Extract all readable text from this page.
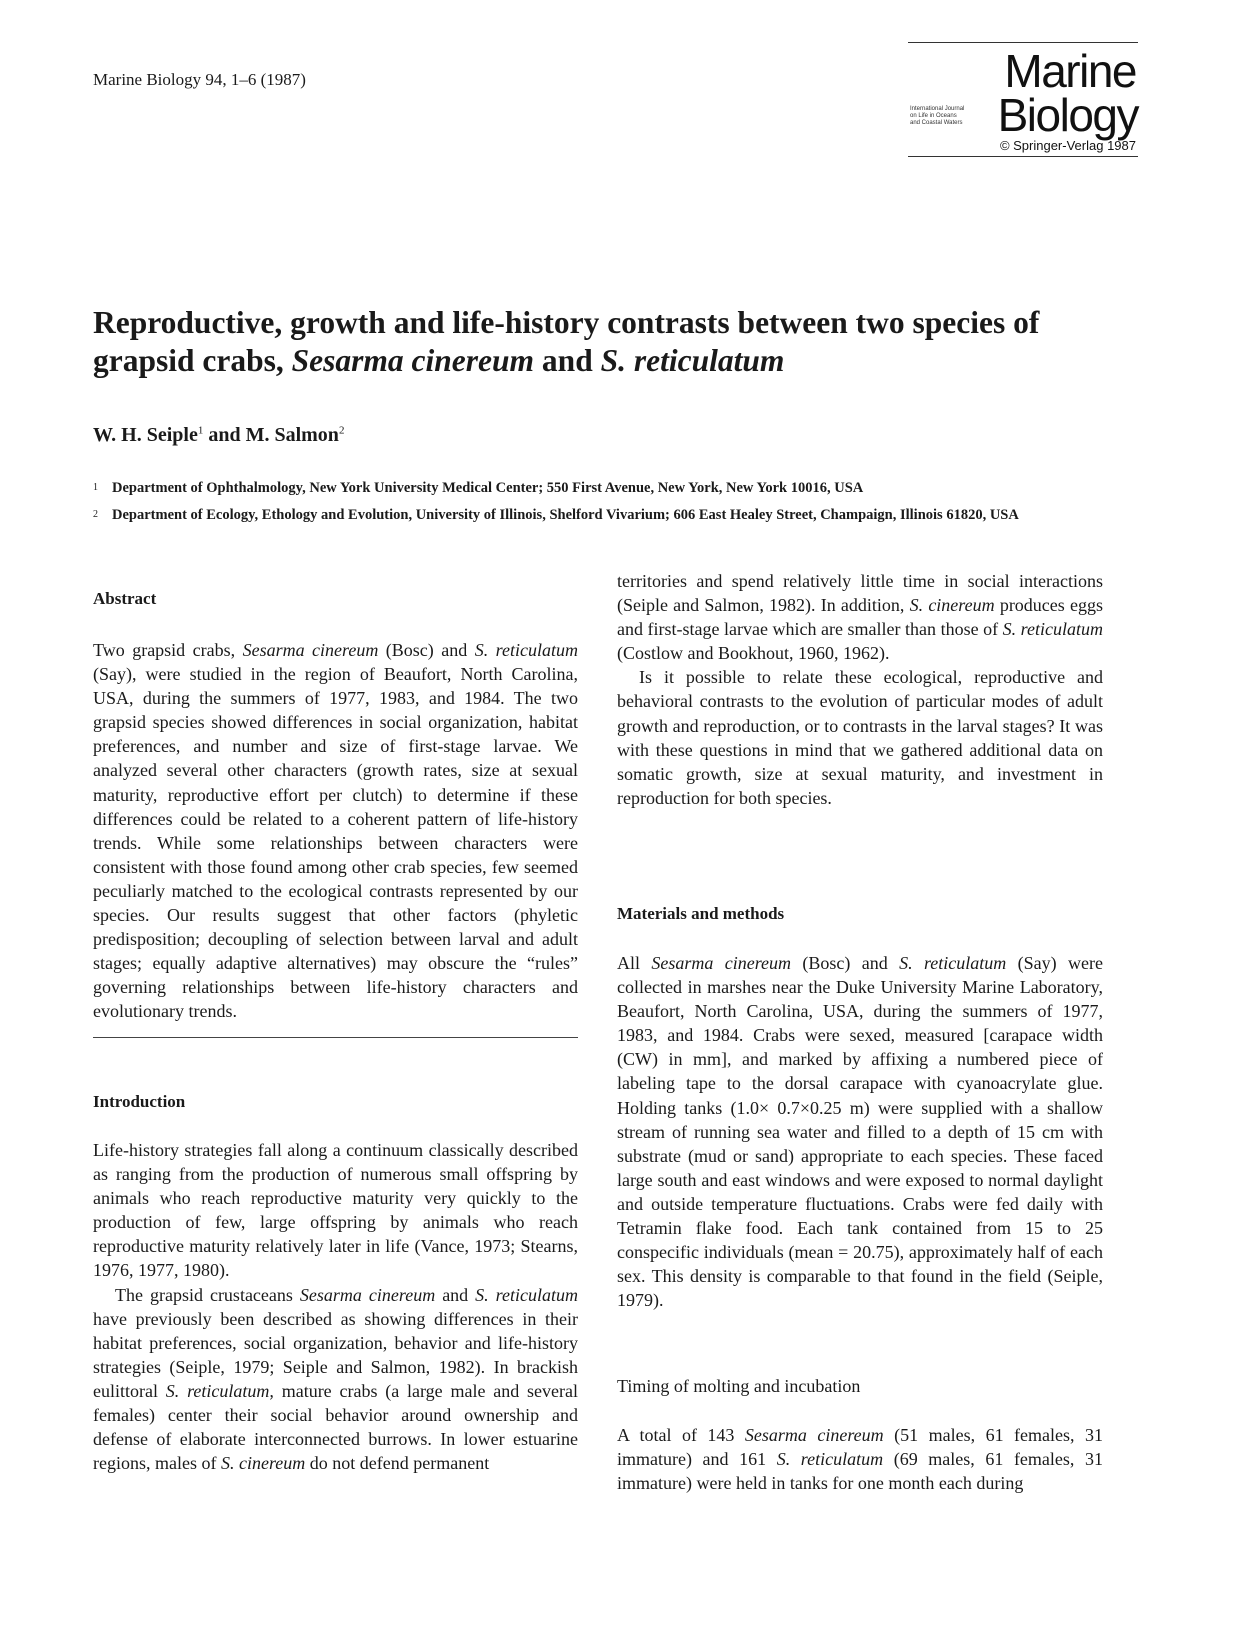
Marine Biology 94, 1–6 (1987)	Marine
International Journal
on Life in Oceans
and Coastal Waters Biology
© Springer-Verlag 1987
Reproductive, growth and life-history contrasts between two species of grapsid crabs, Sesarma cinereum and S. reticulatum
W. H. Seiple$^1$ and M. Salmon$^2$
1 Department of Ophthalmology, New York University Medical Center; 550 First Avenue, New York, New York 10016, USA
2 Department of Ecology, Ethology and Evolution, University of Illinois, Shelford Vivarium; 606 East Healey Street, Champaign, Illinois 61820, USA
Abstract

Two grapsid crabs, Sesarma cinereum (Bosc) and S. reticulatum (Say), were studied in the region of Beaufort, North Carolina, USA, during the summers of 1977, 1983, and 1984. The two grapsid species showed differences in social organization, habitat preferences, and number and size of first-stage larvae. We analyzed several other characters (growth rates, size at sexual maturity, reproductive effort per clutch) to determine if these differences could be related to a coherent pattern of life-history trends. While some relationships between characters were consistent with those found among other crab species, few seemed peculiarly matched to the ecological contrasts represented by our species. Our results suggest that other factors (phyletic predisposition; decoupling of selection between larval and adult stages; equally adaptive alternatives) may obscure the “rules” governing relationships between life-history characters and evolutionary trends.

Introduction

Life-history strategies fall along a continuum classically described as ranging from the production of numerous small offspring by animals who reach reproductive maturity very quickly to the production of few, large offspring by animals who reach reproductive maturity relatively later in life (Vance, 1973; Stearns, 1976, 1977, 1980).

The grapsid crustaceans Sesarma cinereum and S. reticulatum have previously been described as showing differences in their habitat preferences, social organization, behavior and life-history strategies (Seiple, 1979; Seiple and Salmon, 1982). In brackish eulittoral S. reticulatum, mature crabs (a large male and several females) center their social behavior around ownership and defense of elaborate interconnected burrows. In lower estuarine regions, males of S. cinereum do not defend permanent

territories and spend relatively little time in social interactions (Seiple and Salmon, 1982). In addition, S. cinereum produces eggs and first-stage larvae which are smaller than those of S. reticulatum (Costlow and Bookhout, 1960, 1962).

Is it possible to relate these ecological, reproductive and behavioral contrasts to the evolution of particular modes of adult growth and reproduction, or to contrasts in the larval stages? It was with these questions in mind that we gathered additional data on somatic growth, size at sexual maturity, and investment in reproduction for both species.

Materials and methods

All Sesarma cinereum (Bosc) and S. reticulatum (Say) were collected in marshes near the Duke University Marine Laboratory, Beaufort, North Carolina, USA, during the summers of 1977, 1983, and 1984. Crabs were sexed, measured [carapace width (CW) in mm], and marked by affixing a numbered piece of labeling tape to the dorsal carapace with cyanoacrylate glue. Holding tanks (1.0× 0.7×0.25 m) were supplied with a shallow stream of running sea water and filled to a depth of 15 cm with substrate (mud or sand) appropriate to each species. These faced large south and east windows and were exposed to normal daylight and outside temperature fluctuations. Crabs were fed daily with Tetramin flake food. Each tank contained from 15 to 25 conspecific individuals (mean = 20.75), approximately half of each sex. This density is comparable to that found in the field (Seiple, 1979).

Timing of molting and incubation

A total of 143 Sesarma cinereum (51 males, 61 females, 31 immature) and 161 S. reticulatum (69 males, 61 females, 31 immature) were held in tanks for one month each during
